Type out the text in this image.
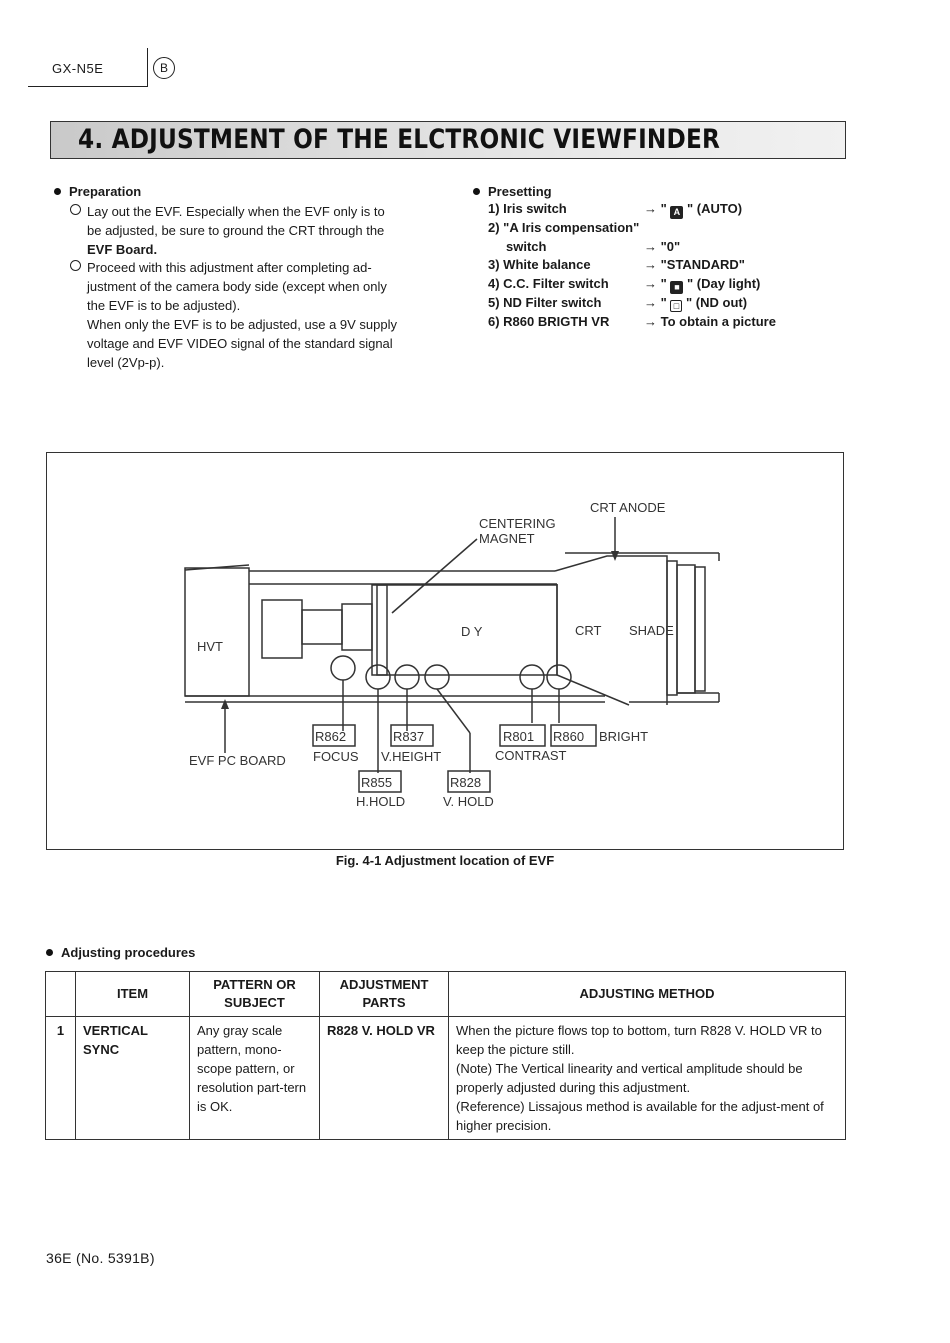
GX-N5E	B
4. ADJUSTMENT OF THE ELCTRONIC VIEWFINDER
Preparation
Lay out the EVF. Especially when the EVF only is to
be adjusted, be sure to ground the CRT through the
EVF Board.
Proceed with this adjustment after completing ad-
justment of the camera body side (except when only
the EVF is to be adjusted).
When only the EVF is to be adjusted, use a 9V supply
voltage and EVF VIDEO signal of the standard signal
level (2Vp-p).
Presetting
1) Iris switch	→ " A " (AUTO)
2) "A Iris compensation"
switch	→ "0"
3) White balance	→ "STANDARD"
4) C.C. Filter switch	→ " ■ " (Day light)
5) ND Filter switch	→ " □ " (ND out)
6) R860 BRIGTH VR	→ To obtain a picture
CRT ANODE
CENTERING
MAGNET
HVT
D Y	CRT SHADE
R862
FOCUS
R837
V.HEIGHT
R801 R860 BRIGHT
CONTRAST
EVF PC BOARD
R855
H.HOLD
R828
V. HOLD
Fig. 4-1 Adjustment location of EVF
Adjusting procedures
	ITEM	PATTERN OR SUBJECT	ADJUSTMENT PARTS	ADJUSTING METHOD
1	VERTICAL SYNC	Any gray scale pattern, mono-scope pattern, or resolution part-tern is OK.	R828 V. HOLD VR	When the picture flows top to bottom, turn R828 V. HOLD VR to keep the picture still.
(Note) The Vertical linearity and vertical amplitude should be properly adjusted during this adjustment.
(Reference) Lissajous method is available for the adjust-ment of higher precision.
36E (No. 5391B)
